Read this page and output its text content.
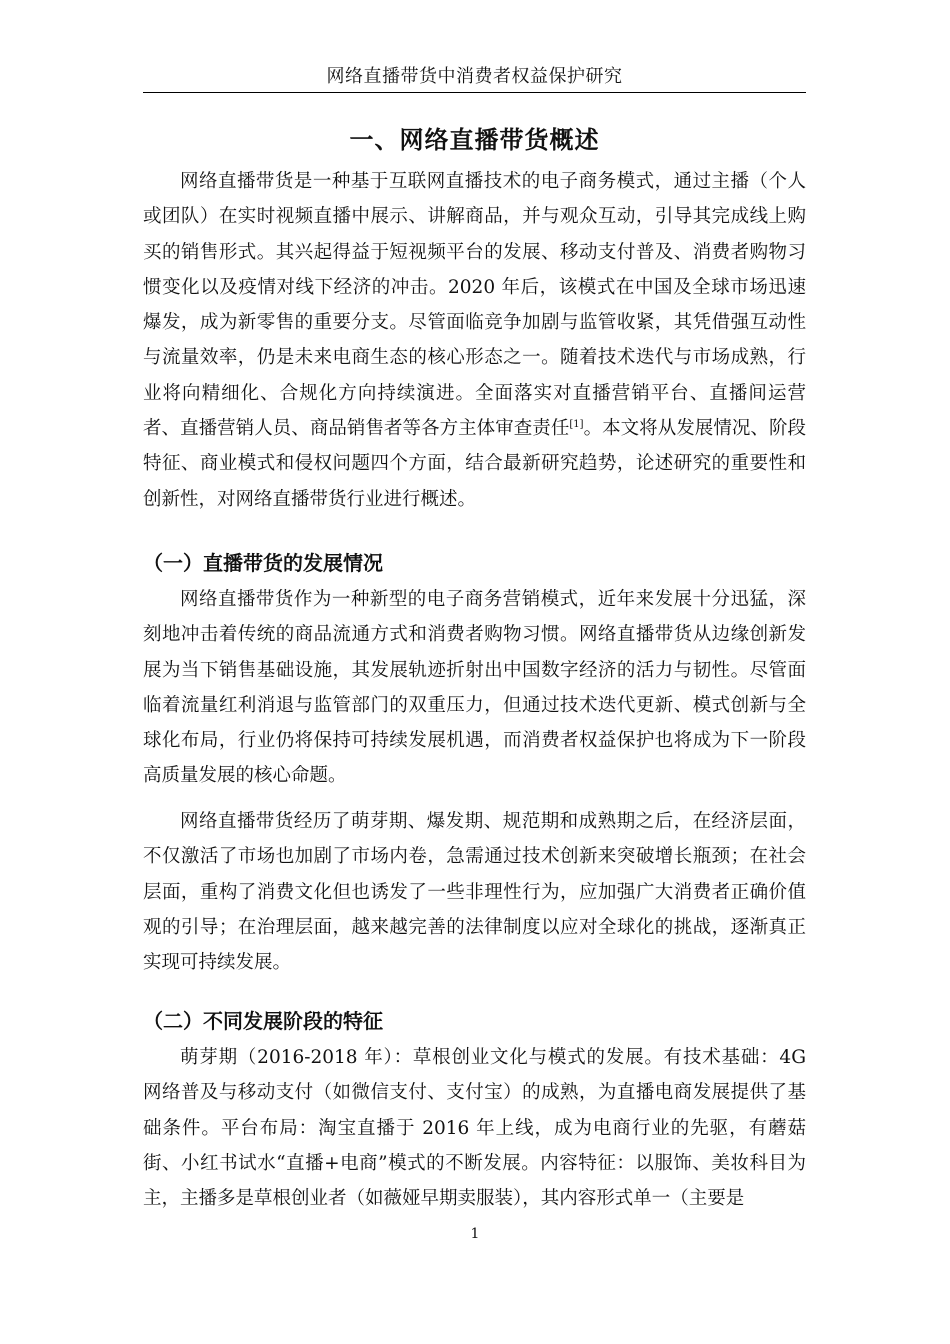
网络直播带货中消费者权益保护研究
一、网络直播带货概述

网络直播带货是一种基于互联网直播技术的电子商务模式，通过主播（个人或团队）在实时视频直播中展示、讲解商品，并与观众互动，引导其完成线上购买的销售形式。其兴起得益于短视频平台的发展、移动支付普及、消费者购物习惯变化以及疫情对线下经济的冲击。2020 年后，该模式在中国及全球市场迅速爆发，成为新零售的重要分支。尽管面临竞争加剧与监管收紧，其凭借强互动性与流量效率，仍是未来电商生态的核心形态之一。随着技术迭代与市场成熟，行业将向精细化、合规化方向持续演进。全面落实对直播营销平台、直播间运营者、直播营销人员、商品销售者等各方主体审查责任[1]。本文将从发展情况、阶段特征、商业模式和侵权问题四个方面，结合最新研究趋势，论述研究的重要性和创新性，对网络直播带货行业进行概述。

（一）直播带货的发展情况

网络直播带货作为一种新型的电子商务营销模式，近年来发展十分迅猛，深刻地冲击着传统的商品流通方式和消费者购物习惯。网络直播带货从边缘创新发展为当下销售基础设施，其发展轨迹折射出中国数字经济的活力与韧性。尽管面临着流量红利消退与监管部门的双重压力，但通过技术迭代更新、模式创新与全球化布局，行业仍将保持可持续发展机遇，而消费者权益保护也将成为下一阶段高质量发展的核心命题。

网络直播带货经历了萌芽期、爆发期、规范期和成熟期之后，在经济层面，不仅激活了市场也加剧了市场内卷，急需通过技术创新来突破增长瓶颈；在社会层面，重构了消费文化但也诱发了一些非理性行为，应加强广大消费者正确价值观的引导；在治理层面，越来越完善的法律制度以应对全球化的挑战，逐渐真正实现可持续发展。

（二）不同发展阶段的特征

萌芽期（2016-2018 年）：草根创业文化与模式的发展。有技术基础：4G 网络普及与移动支付（如微信支付、支付宝）的成熟，为直播电商发展提供了基础条件。平台布局：淘宝直播于 2016 年上线，成为电商行业的先驱，有蘑菇街、小红书试水“直播+电商”模式的不断发展。内容特征：以服饰、美妆科目为主，主播多是草根创业者（如薇娅早期卖服装），其内容形式单一（主要是

1
